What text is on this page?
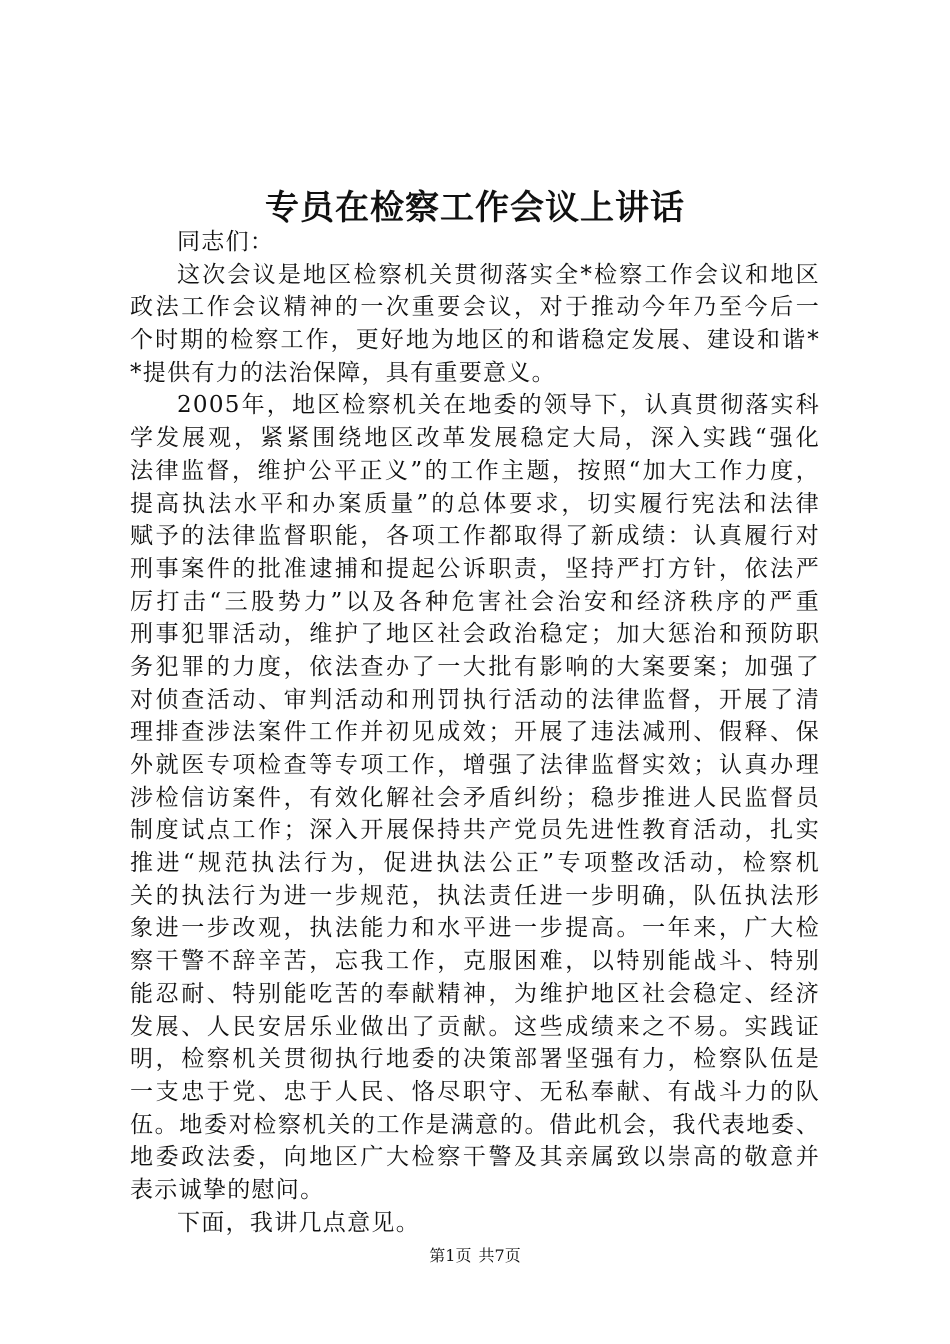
专员在检察工作会议上讲话
同志们：
这次会议是地区检察机关贯彻落实全*检察工作会议和地区
政法工作会议精神的一次重要会议，对于推动今年乃至今后一
个时期的检察工作，更好地为地区的和谐稳定发展、建设和谐*
*提供有力的法治保障，具有重要意义。
2005年，地区检察机关在地委的领导下，认真贯彻落实科
学发展观，紧紧围绕地区改革发展稳定大局，深入实践“强化
法律监督，维护公平正义”的工作主题，按照“加大工作力度，
提高执法水平和办案质量”的总体要求，切实履行宪法和法律
赋予的法律监督职能，各项工作都取得了新成绩：认真履行对
刑事案件的批准逮捕和提起公诉职责，坚持严打方针，依法严
厉打击“三股势力”以及各种危害社会治安和经济秩序的严重
刑事犯罪活动，维护了地区社会政治稳定；加大惩治和预防职
务犯罪的力度，依法查办了一大批有影响的大案要案；加强了
对侦查活动、审判活动和刑罚执行活动的法律监督，开展了清
理排查涉法案件工作并初见成效；开展了违法减刑、假释、保
外就医专项检查等专项工作，增强了法律监督实效；认真办理
涉检信访案件，有效化解社会矛盾纠纷；稳步推进人民监督员
制度试点工作；深入开展保持共产党员先进性教育活动，扎实
推进“规范执法行为，促进执法公正”专项整改活动，检察机
关的执法行为进一步规范，执法责任进一步明确，队伍执法形
象进一步改观，执法能力和水平进一步提高。一年来，广大检
察干警不辞辛苦，忘我工作，克服困难，以特别能战斗、特别
能忍耐、特别能吃苦的奉献精神，为维护地区社会稳定、经济
发展、人民安居乐业做出了贡献。这些成绩来之不易。实践证
明，检察机关贯彻执行地委的决策部署坚强有力，检察队伍是
一支忠于党、忠于人民、恪尽职守、无私奉献、有战斗力的队
伍。地委对检察机关的工作是满意的。借此机会，我代表地委、
地委政法委，向地区广大检察干警及其亲属致以崇高的敬意并
表示诚挚的慰问。
下面，我讲几点意见。
第1页 共7页
